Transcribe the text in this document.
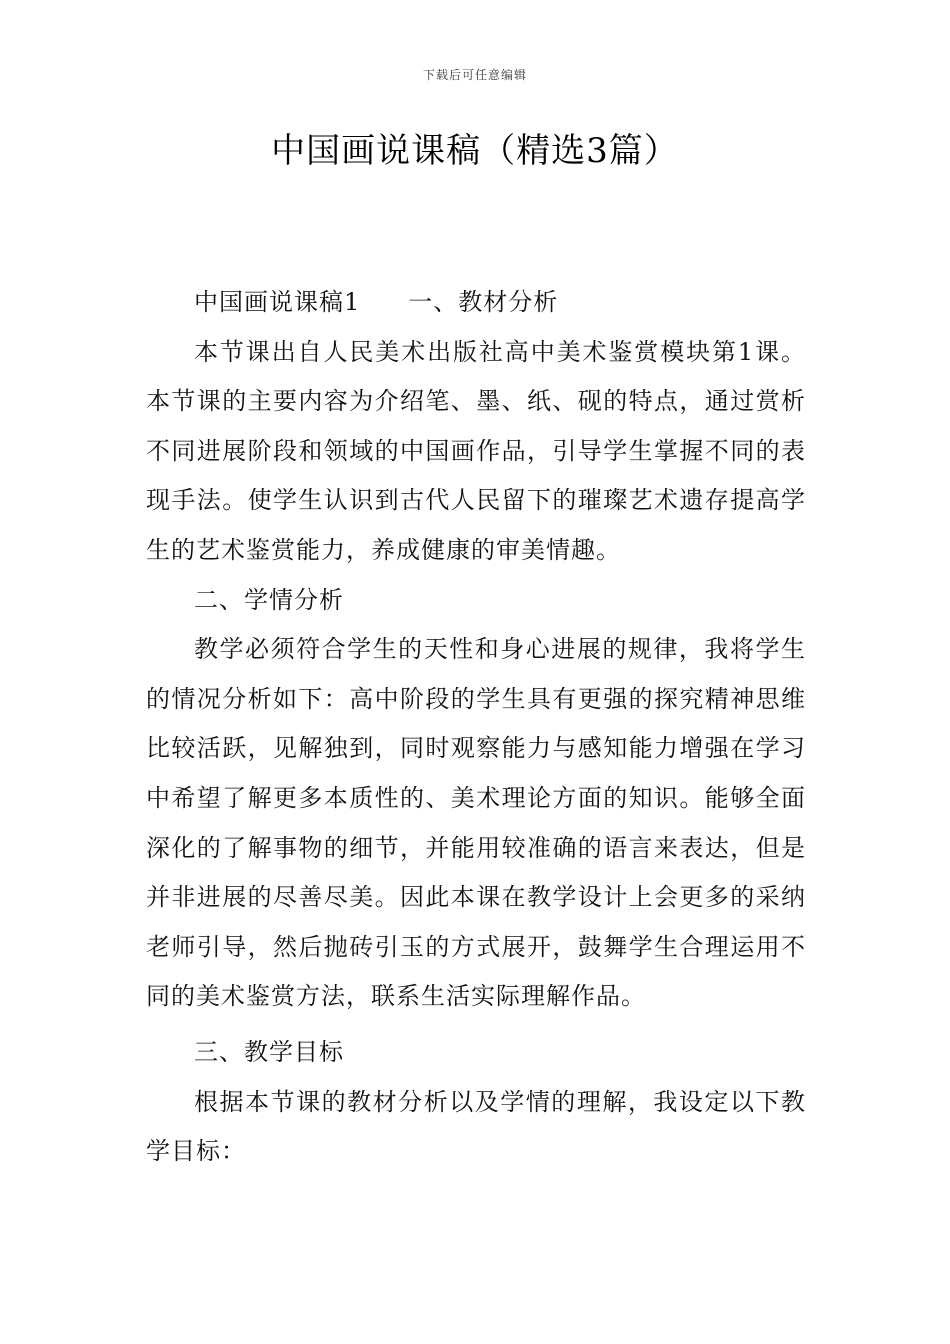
下载后可任意编辑
中国画说课稿（精选3篇）

中国画说课稿1 一、教材分析

本节课出自人民美术出版社高中美术鉴赏模块第1课。本节课的主要内容为介绍笔、墨、纸、砚的特点，通过赏析不同进展阶段和领域的中国画作品，引导学生掌握不同的表现手法。使学生认识到古代人民留下的璀璨艺术遗存提高学生的艺术鉴赏能力，养成健康的审美情趣。

二、学情分析

教学必须符合学生的天性和身心进展的规律，我将学生的情况分析如下：高中阶段的学生具有更强的探究精神思维比较活跃，见解独到，同时观察能力与感知能力增强在学习中希望了解更多本质性的、美术理论方面的知识。能够全面深化的了解事物的细节，并能用较准确的语言来表达，但是并非进展的尽善尽美。因此本课在教学设计上会更多的采纳老师引导，然后抛砖引玉的方式展开，鼓舞学生合理运用不同的美术鉴赏方法，联系生活实际理解作品。

三、教学目标

根据本节课的教材分析以及学情的理解，我设定以下教学目标：
